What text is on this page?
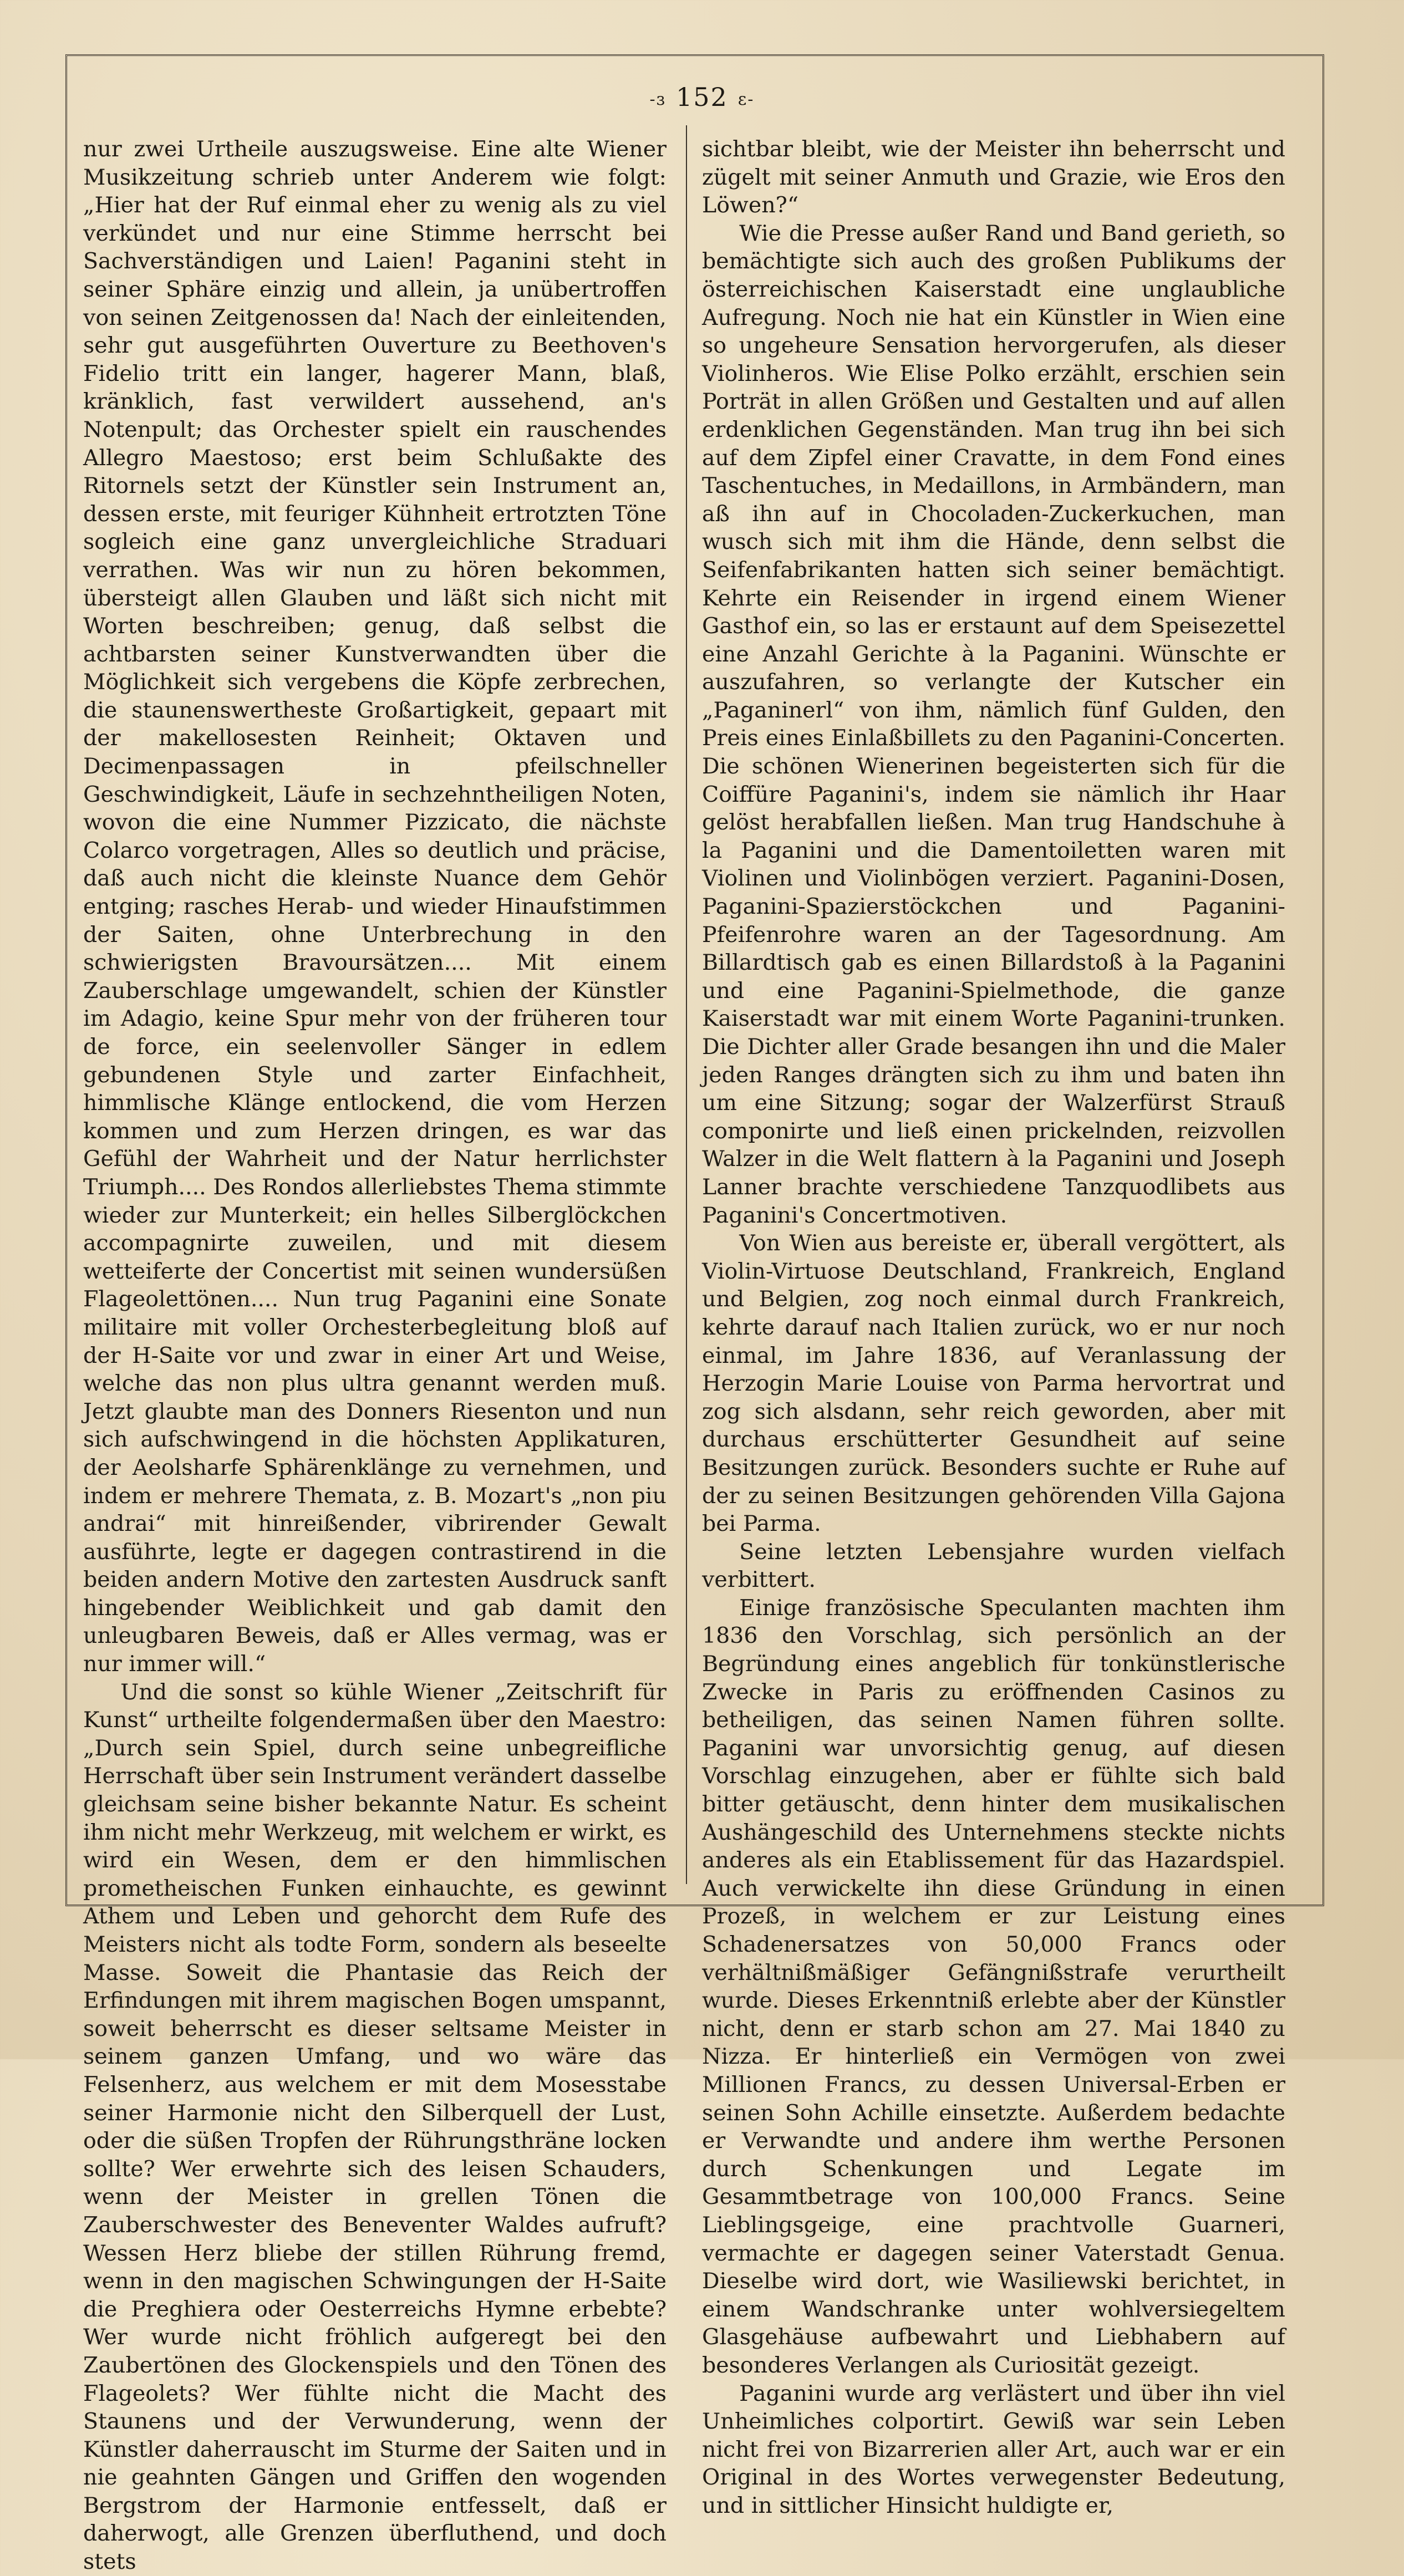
-ɜ 152 ɛ-

nur zwei Urtheile auszugsweise. Eine alte Wiener Musikzeitung schrieb unter Anderem wie folgt: „Hier hat der Ruf einmal eher zu wenig als zu viel verkündet und nur eine Stimme herrscht bei Sachverständigen und Laien! Paganini steht in seiner Sphäre einzig und allein, ja unübertroffen von seinen Zeitgenossen da! Nach der einleitenden, sehr gut ausgeführten Ouverture zu Beethoven's Fidelio tritt ein langer, hagerer Mann, blaß, kränklich, fast verwildert aussehend, an's Notenpult; das Orchester spielt ein rauschendes Allegro Maestoso; erst beim Schlußakte des Ritornels setzt der Künstler sein Instrument an, dessen erste, mit feuriger Kühnheit ertrotzten Töne sogleich eine ganz unvergleichliche Straduari verrathen. Was wir nun zu hören bekommen, übersteigt allen Glauben und läßt sich nicht mit Worten beschreiben; genug, daß selbst die achtbarsten seiner Kunstverwandten über die Möglichkeit sich vergebens die Köpfe zerbrechen, die staunenswertheste Großartigkeit, gepaart mit der makellosesten Reinheit; Oktaven und Decimenpassagen in pfeilschneller Geschwindigkeit, Läufe in sechzehntheiligen Noten, wovon die eine Nummer Pizzicato, die nächste Colarco vorgetragen, Alles so deutlich und präcise, daß auch nicht die kleinste Nuance dem Gehör entging; rasches Herab- und wieder Hinaufstimmen der Saiten, ohne Unterbrechung in den schwierigsten Bravoursätzen.... Mit einem Zauberschlage umgewandelt, schien der Künstler im Adagio, keine Spur mehr von der früheren tour de force, ein seelenvoller Sänger in edlem gebundenen Style und zarter Einfachheit, himmlische Klänge entlockend, die vom Herzen kommen und zum Herzen dringen, es war das Gefühl der Wahrheit und der Natur herrlichster Triumph.... Des Rondos allerliebstes Thema stimmte wieder zur Munterkeit; ein helles Silberglöckchen accompagnirte zuweilen, und mit diesem wetteiferte der Concertist mit seinen wundersüßen Flageolettönen.... Nun trug Paganini eine Sonate militaire mit voller Orchesterbegleitung bloß auf der H-Saite vor und zwar in einer Art und Weise, welche das non plus ultra genannt werden muß. Jetzt glaubte man des Donners Riesenton und nun sich aufschwingend in die höchsten Applikaturen, der Aeolsharfe Sphärenklänge zu vernehmen, und indem er mehrere Themata, z. B. Mozart's „non piu andrai“ mit hinreißender, vibrirender Gewalt ausführte, legte er dagegen contrastirend in die beiden andern Motive den zartesten Ausdruck sanft hingebender Weiblichkeit und gab damit den unleugbaren Beweis, daß er Alles vermag, was er nur immer will.“

Und die sonst so kühle Wiener „Zeitschrift für Kunst“ urtheilte folgendermaßen über den Maestro: „Durch sein Spiel, durch seine unbegreifliche Herrschaft über sein Instrument verändert dasselbe gleichsam seine bisher bekannte Natur. Es scheint ihm nicht mehr Werkzeug, mit welchem er wirkt, es wird ein Wesen, dem er den himmlischen prometheischen Funken einhauchte, es gewinnt Athem und Leben und gehorcht dem Rufe des Meisters nicht als todte Form, sondern als beseelte Masse. Soweit die Phantasie das Reich der Erfindungen mit ihrem magischen Bogen umspannt, soweit beherrscht es dieser seltsame Meister in seinem ganzen Umfang, und wo wäre das Felsenherz, aus welchem er mit dem Mosesstabe seiner Harmonie nicht den Silberquell der Lust, oder die süßen Tropfen der Rührungsthräne locken sollte? Wer erwehrte sich des leisen Schauders, wenn der Meister in grellen Tönen die Zauberschwester des Beneventer Waldes aufruft? Wessen Herz bliebe der stillen Rührung fremd, wenn in den magischen Schwingungen der H-Saite die Preghiera oder Oesterreichs Hymne erbebte? Wer wurde nicht fröhlich aufgeregt bei den Zaubertönen des Glockenspiels und den Tönen des Flageolets? Wer fühlte nicht die Macht des Staunens und der Verwunderung, wenn der Künstler daherrauscht im Sturme der Saiten und in nie geahnten Gängen und Griffen den wogenden Bergstrom der Harmonie entfesselt, daß er daherwogt, alle Grenzen überfluthend, und doch stets

sichtbar bleibt, wie der Meister ihn beherrscht und zügelt mit seiner Anmuth und Grazie, wie Eros den Löwen?“

Wie die Presse außer Rand und Band gerieth, so bemächtigte sich auch des großen Publikums der österreichischen Kaiserstadt eine unglaubliche Aufregung. Noch nie hat ein Künstler in Wien eine so ungeheure Sensation hervorgerufen, als dieser Violinheros. Wie Elise Polko erzählt, erschien sein Porträt in allen Größen und Gestalten und auf allen erdenklichen Gegenständen. Man trug ihn bei sich auf dem Zipfel einer Cravatte, in dem Fond eines Taschentuches, in Medaillons, in Armbändern, man aß ihn auf in Chocoladen-Zuckerkuchen, man wusch sich mit ihm die Hände, denn selbst die Seifenfabrikanten hatten sich seiner bemächtigt. Kehrte ein Reisender in irgend einem Wiener Gasthof ein, so las er erstaunt auf dem Speisezettel eine Anzahl Gerichte à la Paganini. Wünschte er auszufahren, so verlangte der Kutscher ein „Paganinerl“ von ihm, nämlich fünf Gulden, den Preis eines Einlaßbillets zu den Paganini-Concerten. Die schönen Wienerinen begeisterten sich für die Coiffüre Paganini's, indem sie nämlich ihr Haar gelöst herabfallen ließen. Man trug Handschuhe à la Paganini und die Damentoiletten waren mit Violinen und Violinbögen verziert. Paganini-Dosen, Paganini-Spazierstöckchen und Paganini-Pfeifenrohre waren an der Tagesordnung. Am Billardtisch gab es einen Billardstoß à la Paganini und eine Paganini-Spielmethode, die ganze Kaiserstadt war mit einem Worte Paganini-trunken. Die Dichter aller Grade besangen ihn und die Maler jeden Ranges drängten sich zu ihm und baten ihn um eine Sitzung; sogar der Walzerfürst Strauß componirte und ließ einen prickelnden, reizvollen Walzer in die Welt flattern à la Paganini und Joseph Lanner brachte verschiedene Tanzquodlibets aus Paganini's Concertmotiven.

Von Wien aus bereiste er, überall vergöttert, als Violin-Virtuose Deutschland, Frankreich, England und Belgien, zog noch einmal durch Frankreich, kehrte darauf nach Italien zurück, wo er nur noch einmal, im Jahre 1836, auf Veranlassung der Herzogin Marie Louise von Parma hervortrat und zog sich alsdann, sehr reich geworden, aber mit durchaus erschütterter Gesundheit auf seine Besitzungen zurück. Besonders suchte er Ruhe auf der zu seinen Besitzungen gehörenden Villa Gajona bei Parma.

Seine letzten Lebensjahre wurden vielfach verbittert.

Einige französische Speculanten machten ihm 1836 den Vorschlag, sich persönlich an der Begründung eines angeblich für tonkünstlerische Zwecke in Paris zu eröffnenden Casinos zu betheiligen, das seinen Namen führen sollte. Paganini war unvorsichtig genug, auf diesen Vorschlag einzugehen, aber er fühlte sich bald bitter getäuscht, denn hinter dem musikalischen Aushängeschild des Unternehmens steckte nichts anderes als ein Etablissement für das Hazardspiel. Auch verwickelte ihn diese Gründung in einen Prozeß, in welchem er zur Leistung eines Schadenersatzes von 50,000 Francs oder verhältnißmäßiger Gefängnißstrafe verurtheilt wurde. Dieses Erkenntniß erlebte aber der Künstler nicht, denn er starb schon am 27. Mai 1840 zu Nizza. Er hinterließ ein Vermögen von zwei Millionen Francs, zu dessen Universal-Erben er seinen Sohn Achille einsetzte. Außerdem bedachte er Verwandte und andere ihm werthe Personen durch Schenkungen und Legate im Gesammtbetrage von 100,000 Francs. Seine Lieblingsgeige, eine prachtvolle Guarneri, vermachte er dagegen seiner Vaterstadt Genua. Dieselbe wird dort, wie Wasiliewski berichtet, in einem Wandschranke unter wohlversiegeltem Glasgehäuse aufbewahrt und Liebhabern auf besonderes Verlangen als Curiosität gezeigt.

Paganini wurde arg verlästert und über ihn viel Unheimliches colportirt. Gewiß war sein Leben nicht frei von Bizarrerien aller Art, auch war er ein Original in des Wortes verwegenster Bedeutung, und in sittlicher Hinsicht huldigte er,
